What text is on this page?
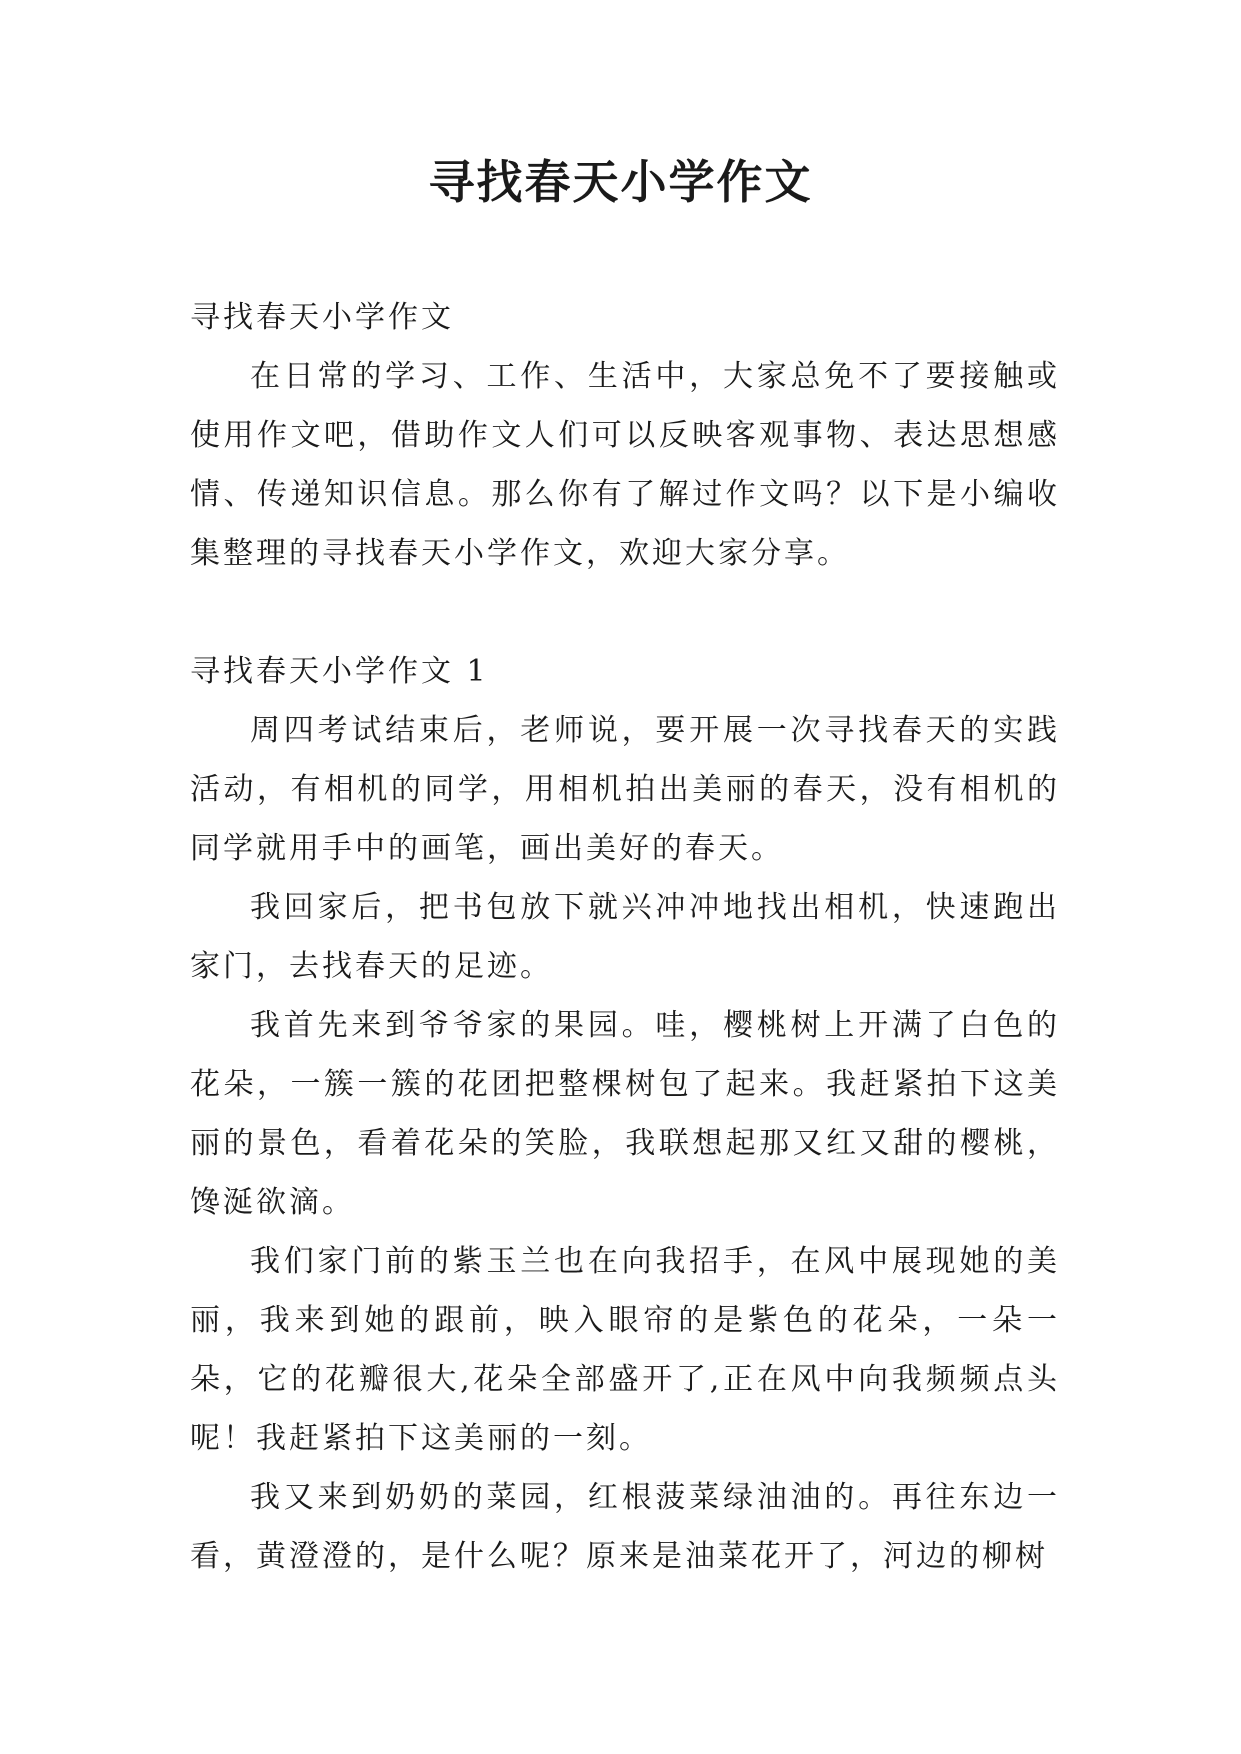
寻找春天小学作文

寻找春天小学作文

在日常的学习、工作、生活中，大家总免不了要接触或使用作文吧，借助作文人们可以反映客观事物、表达思想感情、传递知识信息。那么你有了解过作文吗？以下是小编收集整理的寻找春天小学作文，欢迎大家分享。

寻找春天小学作文 1

周四考试结束后，老师说，要开展一次寻找春天的实践活动，有相机的同学，用相机拍出美丽的春天，没有相机的同学就用手中的画笔，画出美好的春天。

我回家后，把书包放下就兴冲冲地找出相机，快速跑出家门，去找春天的足迹。

我首先来到爷爷家的果园。哇，樱桃树上开满了白色的花朵，一簇一簇的花团把整棵树包了起来。我赶紧拍下这美丽的景色，看着花朵的笑脸，我联想起那又红又甜的樱桃，馋涎欲滴。

我们家门前的紫玉兰也在向我招手，在风中展现她的美丽，我来到她的跟前，映入眼帘的是紫色的花朵，一朵一朵，它的花瓣很大,花朵全部盛开了,正在风中向我频频点头呢！我赶紧拍下这美丽的一刻。

我又来到奶奶的菜园，红根菠菜绿油油的。再往东边一看，黄澄澄的，是什么呢？原来是油菜花开了，河边的柳树
